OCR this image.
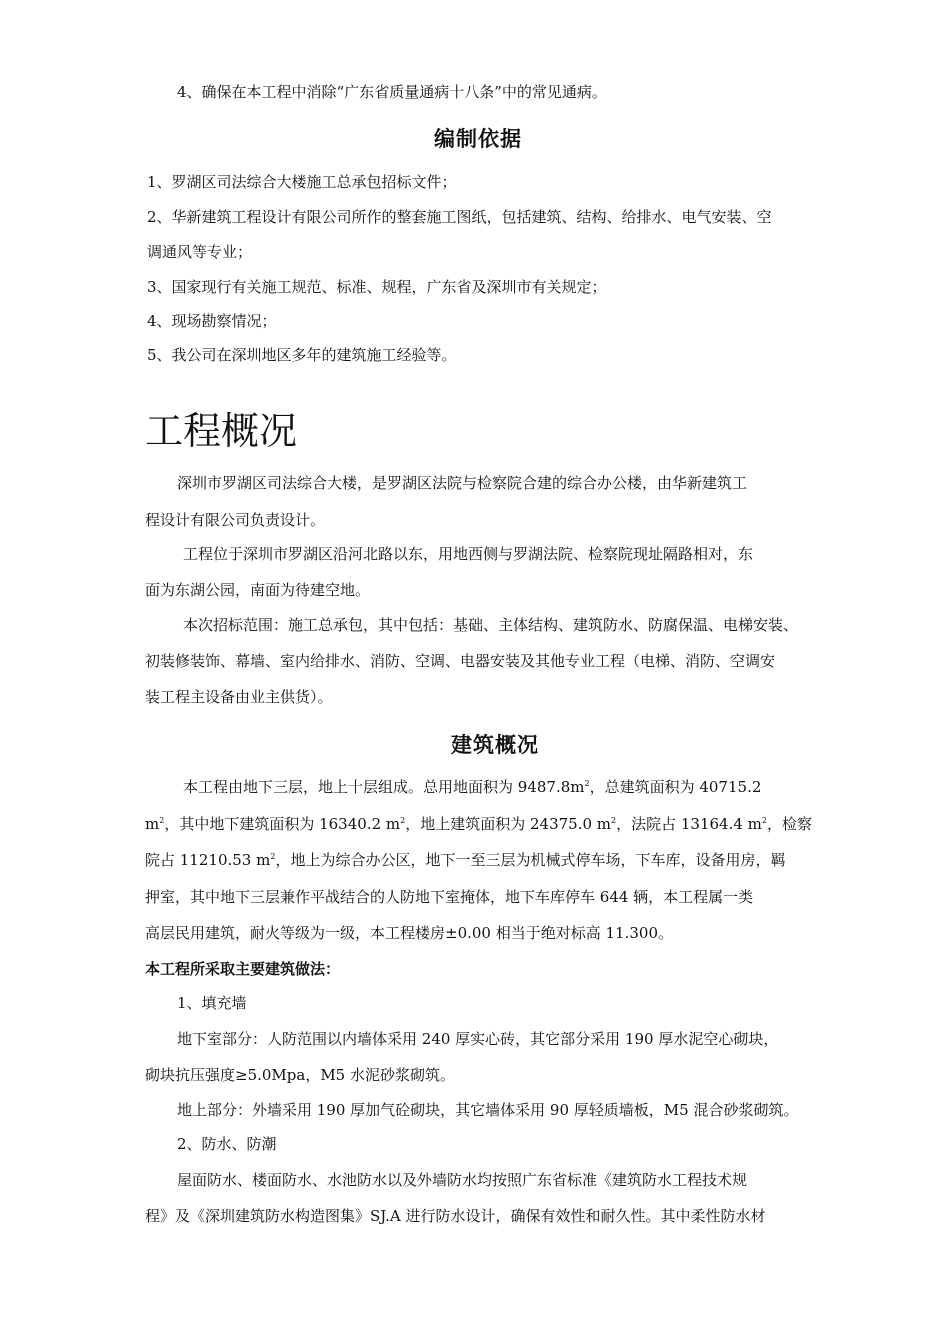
4、确保在本工程中消除“广东省质量通病十八条”中的常见通病。
编制依据
1、罗湖区司法综合大楼施工总承包招标文件；
2、华新建筑工程设计有限公司所作的整套施工图纸，包括建筑、结构、给排水、电气安装、空
调通风等专业；
3、国家现行有关施工规范、标准、规程，广东省及深圳市有关规定；
4、现场勘察情况；
5、我公司在深圳地区多年的建筑施工经验等。
工程概况
深圳市罗湖区司法综合大楼，是罗湖区法院与检察院合建的综合办公楼，由华新建筑工
程设计有限公司负责设计。
工程位于深圳市罗湖区沿河北路以东，用地西侧与罗湖法院、检察院现址隔路相对，东
面为东湖公园，南面为待建空地。
本次招标范围：施工总承包，其中包括：基础、主体结构、建筑防水、防腐保温、电梯安装、
初装修装饰、幕墙、室内给排水、消防、空调、电器安装及其他专业工程（电梯、消防、空调安
装工程主设备由业主供货）。
建筑概况
本工程由地下三层，地上十层组成。总用地面积为 $9487.8m^2$，总建筑面积为 40715.2
$m^2$，其中地下建筑面积为 16340.2 $m^2$，地上建筑面积为 24375.0 $m^2$，法院占 13164.4 $m^2$，检察
院占 11210.53 $m^2$，地上为综合办公区，地下一至三层为机械式停车场，下车库，设备用房，羁
押室，其中地下三层兼作平战结合的人防地下室掩体，地下车库停车 644 辆，本工程属一类
高层民用建筑，耐火等级为一级，本工程楼房±0.00 相当于绝对标高 11.300。
本工程所采取主要建筑做法：
1、填充墙
地下室部分：人防范围以内墙体采用 240 厚实心砖，其它部分采用 190 厚水泥空心砌块，
砌块抗压强度≥5.0Mpa，M5 水泥砂浆砌筑。
地上部分：外墙采用 190 厚加气砼砌块，其它墙体采用 90 厚轻质墙板，M5 混合砂浆砌筑。
2、防水、防潮
屋面防水、楼面防水、水池防水以及外墙防水均按照广东省标准《建筑防水工程技术规
程》及《深圳建筑防水构造图集》SJ.A 进行防水设计，确保有效性和耐久性。其中柔性防水材
